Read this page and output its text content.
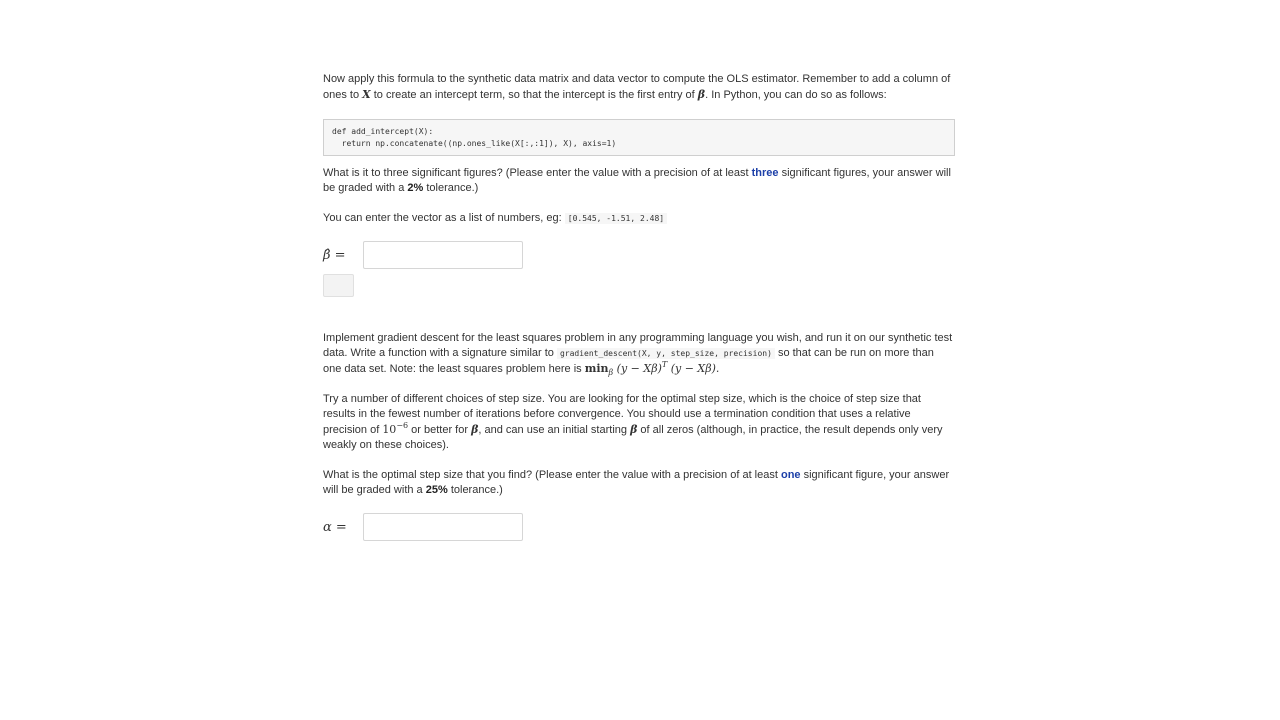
Now apply this formula to the synthetic data matrix and data vector to compute the OLS estimator. Remember to add a column of ones to X to create an intercept term, so that the intercept is the first entry of β. In Python, you can do so as follows:

def add_intercept(X):
return np.concatenate((np.ones_like(X[:,:1]), X), axis=1)

What is it to three significant figures? (Please enter the value with a precision of at least three significant figures, your answer will be graded with a 2% tolerance.)

You can enter the vector as a list of numbers, eg: [0.545, -1.51, 2.48]

β̂ =

Implement gradient descent for the least squares problem in any programming language you wish, and run it on our synthetic test data. Write a function with a signature similar to gradient_descent(X, y, step_size, precision) so that can be run on more than one data set. Note: the least squares problem here is $\min_\beta (y - X\beta)^T$ (y − Xβ).

Try a number of different choices of step size. You are looking for the optimal step size, which is the choice of step size that results in the fewest number of iterations before convergence. You should use a termination condition that uses a relative precision of $10^{-6}$ or better for β, and can use an initial starting β of all zeros (although, in practice, the result depends only very weakly on these choices).

What is the optimal step size that you find? (Please enter the value with a precision of at least one significant figure, your answer will be graded with a 25% tolerance.)

α =
